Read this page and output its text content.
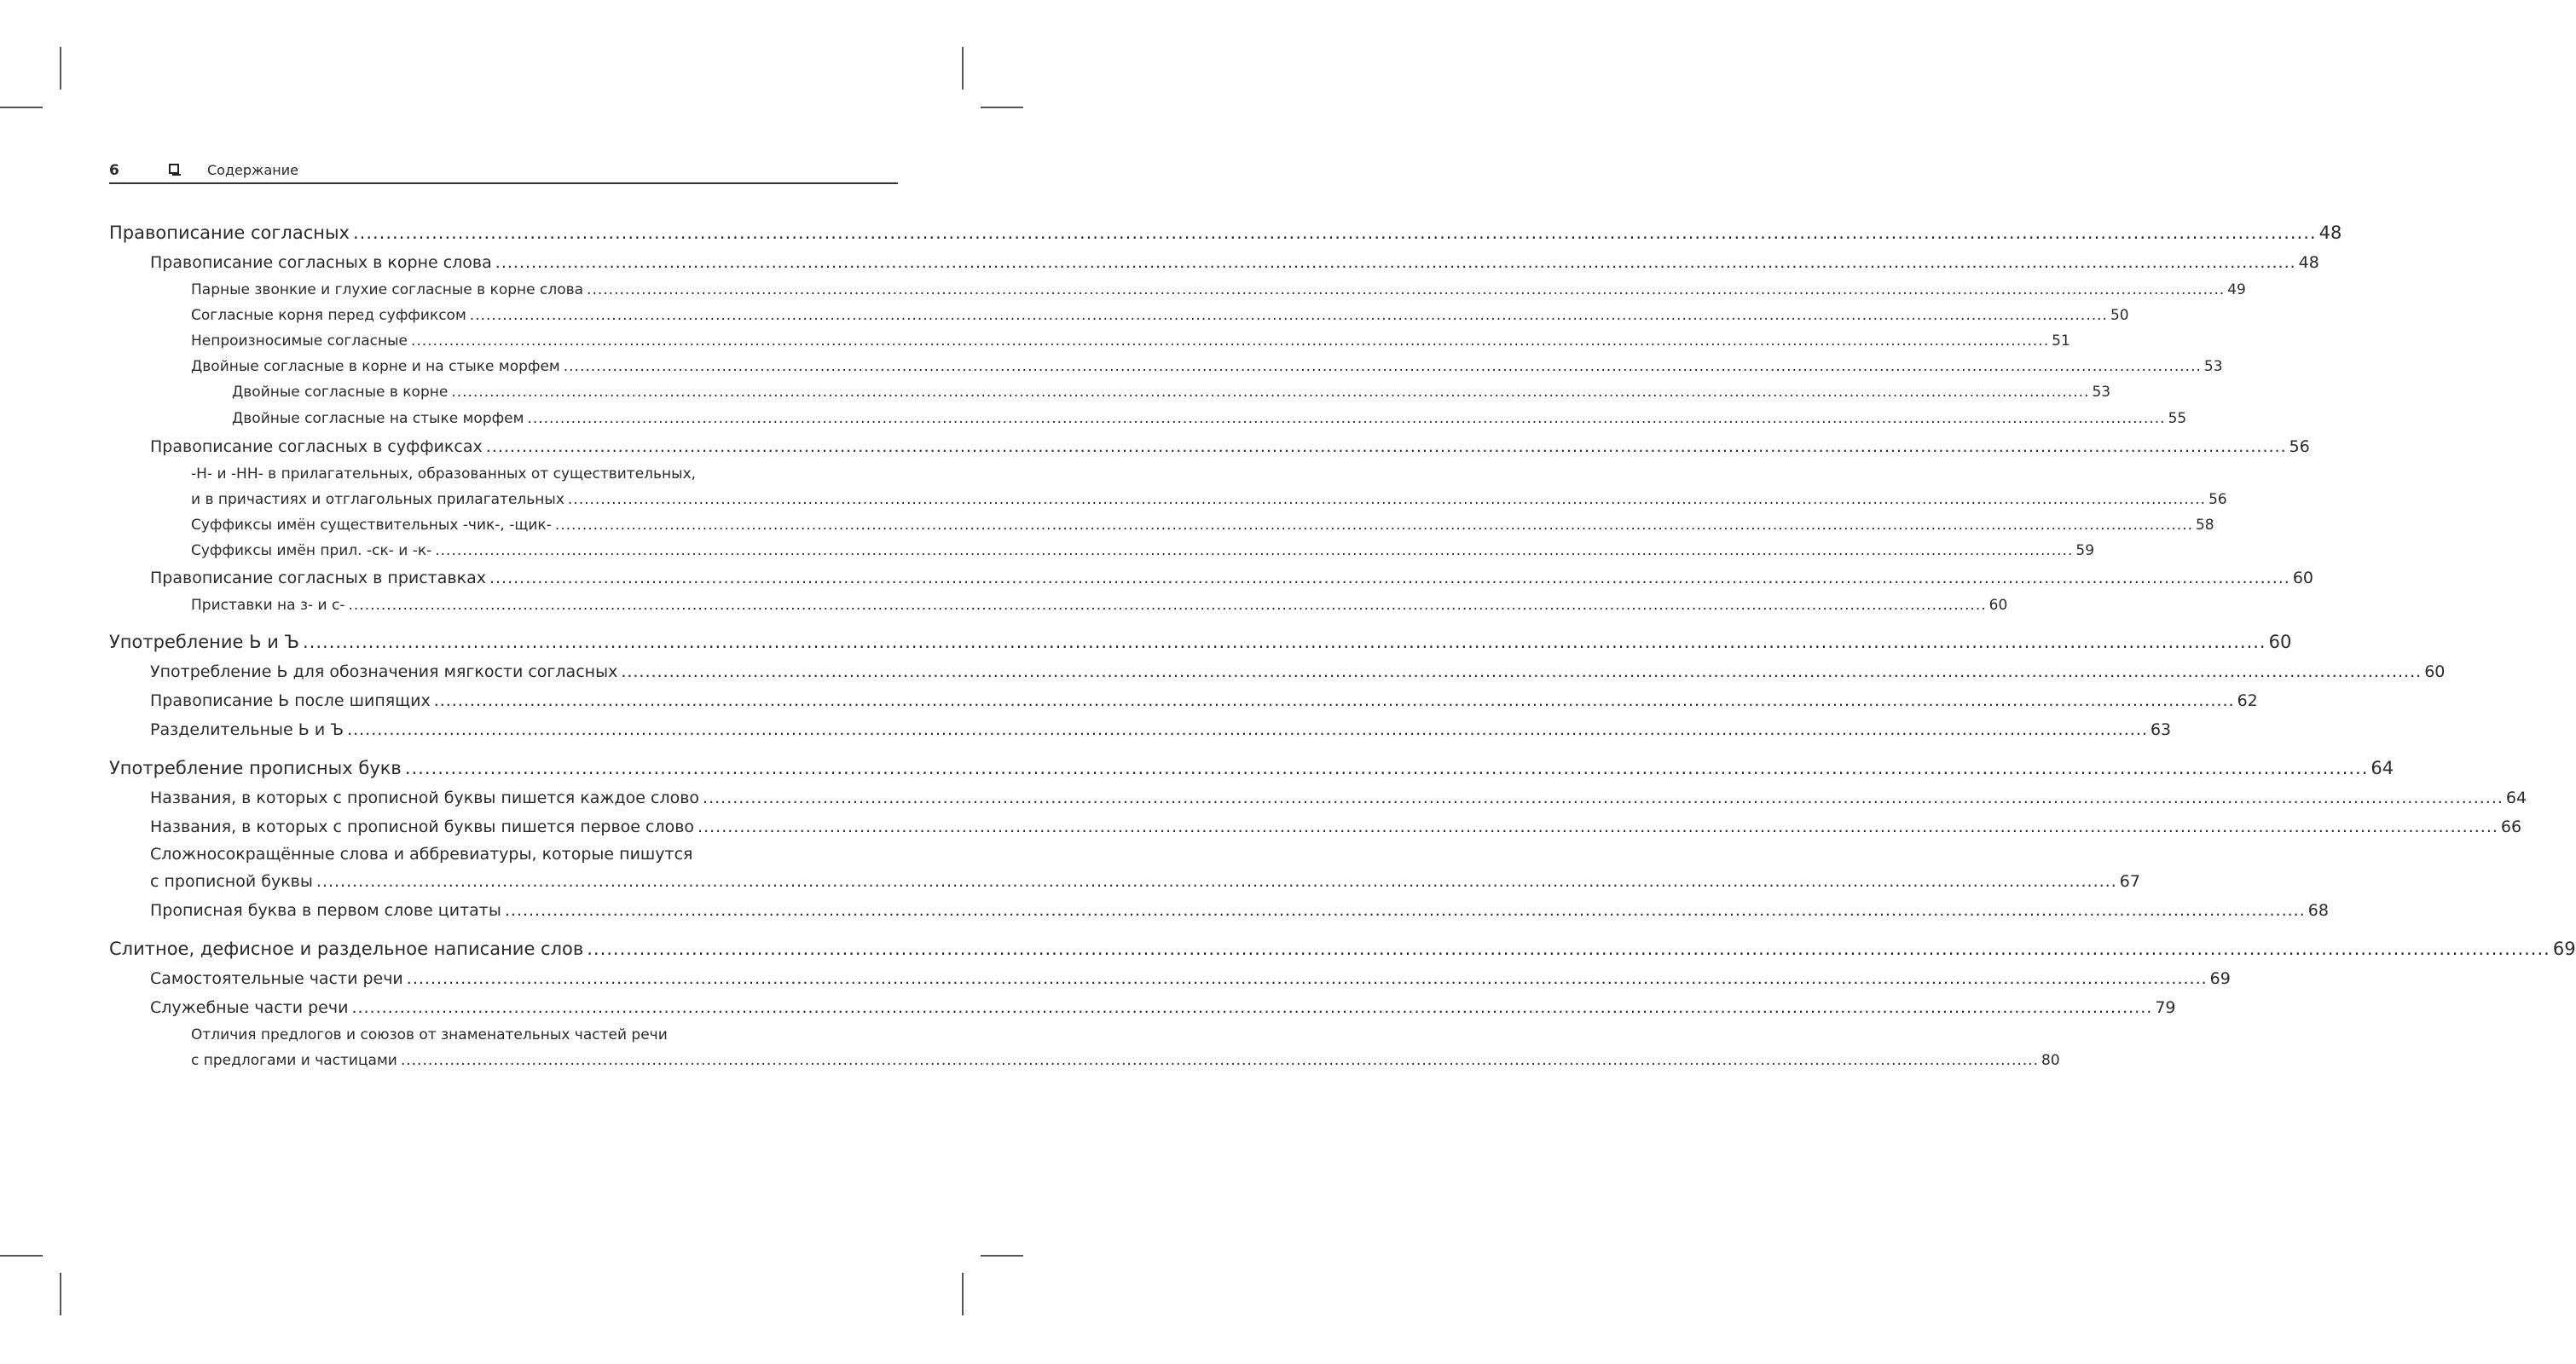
6	Содержание
Правописание согласных ............................................................................................................................................................................................................................................................................................................ 48
Правописание согласных в корне слова ............................................................................................................................................................................................................................................................................................................ 48
Парные звонкие и глухие согласные в корне слова ............................................................................................................................................................................................................................................................................................................ 49
Согласные корня перед суффиксом ............................................................................................................................................................................................................................................................................................................ 50
Непроизносимые согласные ............................................................................................................................................................................................................................................................................................................ 51
Двойные согласные в корне и на стыке морфем ............................................................................................................................................................................................................................................................................................................ 53
Двойные согласные в корне ............................................................................................................................................................................................................................................................................................................ 53
Двойные согласные на стыке морфем ............................................................................................................................................................................................................................................................................................................ 55
Правописание согласных в суффиксах ............................................................................................................................................................................................................................................................................................................ 56
-Н- и -НН- в прилагательных, образованных от существительных,
и в причастиях и отглагольных прилагательных ............................................................................................................................................................................................................................................................................................................ 56
Суффиксы имён существительных -чик-, -щик- ............................................................................................................................................................................................................................................................................................................ 58
Суффиксы имён прил. -ск- и -к- ............................................................................................................................................................................................................................................................................................................ 59
Правописание согласных в приставках ............................................................................................................................................................................................................................................................................................................ 60
Приставки на з- и с- ............................................................................................................................................................................................................................................................................................................ 60
Употребление Ь и Ъ ............................................................................................................................................................................................................................................................................................................ 60
Употребление Ь для обозначения мягкости согласных ............................................................................................................................................................................................................................................................................................................ 60
Правописание Ь после шипящих ............................................................................................................................................................................................................................................................................................................ 62
Разделительные Ь и Ъ ............................................................................................................................................................................................................................................................................................................ 63
Употребление прописных букв ............................................................................................................................................................................................................................................................................................................ 64
Названия, в которых с прописной буквы пишется каждое слово ............................................................................................................................................................................................................................................................................................................ 64
Названия, в которых с прописной буквы пишется первое слово ............................................................................................................................................................................................................................................................................................................ 66
Сложносокращённые слова и аббревиатуры, которые пишутся
с прописной буквы ............................................................................................................................................................................................................................................................................................................ 67
Прописная буква в первом слове цитаты ............................................................................................................................................................................................................................................................................................................ 68
Слитное, дефисное и раздельное написание слов ............................................................................................................................................................................................................................................................................................................ 69
Самостоятельные части речи ............................................................................................................................................................................................................................................................................................................ 69
Служебные части речи ............................................................................................................................................................................................................................................................................................................ 79
Отличия предлогов и союзов от знаменательных частей речи
с предлогами и частицами ............................................................................................................................................................................................................................................................................................................ 80
